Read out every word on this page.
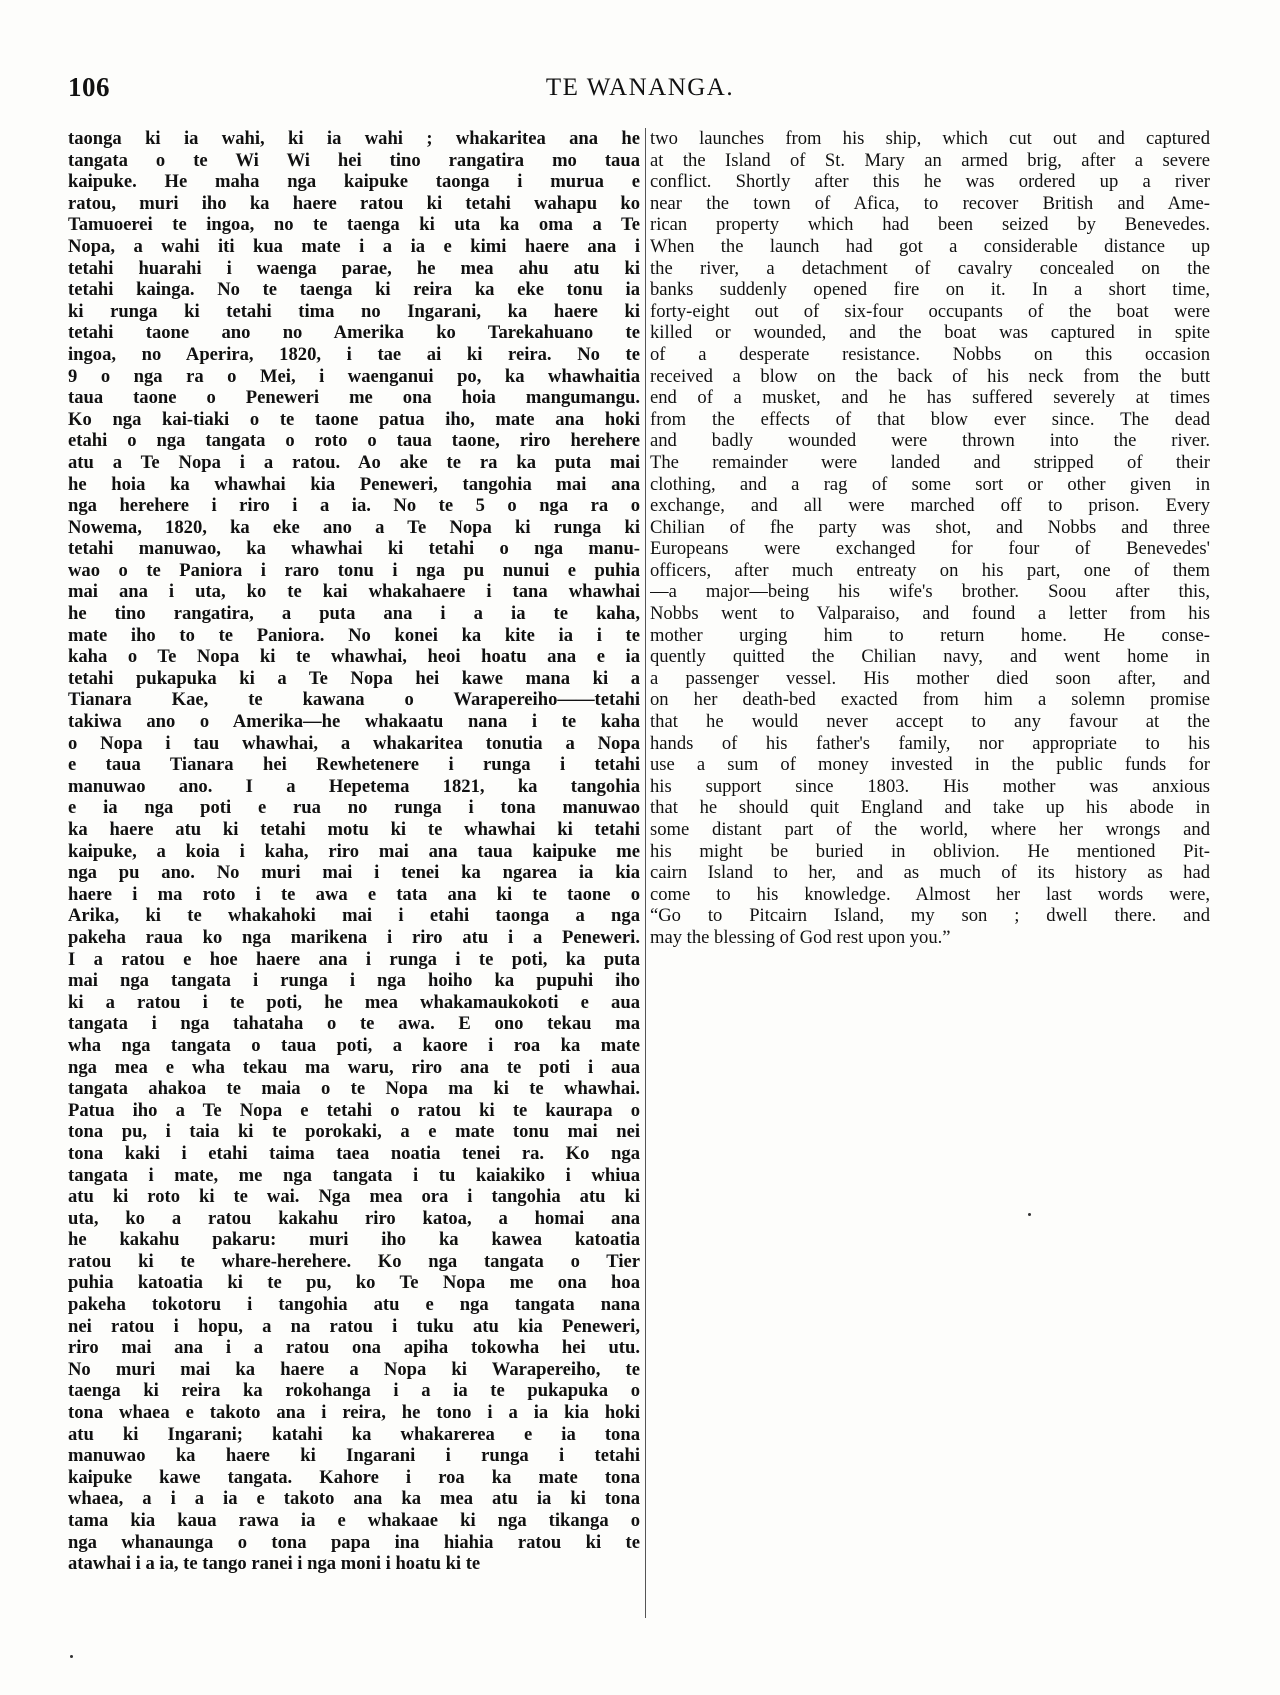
106	TE WANANGA.
taonga ki ia wahi, ki ia wahi ; whakaritea ana he
tangata o te Wi Wi hei tino rangatira mo taua
kaipuke. He maha nga kaipuke taonga i murua e
ratou, muri iho ka haere ratou ki tetahi wahapu ko
Tamuoerei te ingoa, no te taenga ki uta ka oma a Te
Nopa, a wahi iti kua mate i a ia e kimi haere ana i
tetahi huarahi i waenga parae, he mea ahu atu ki
tetahi kainga. No te taenga ki reira ka eke tonu ia
ki runga ki tetahi tima no Ingarani, ka haere ki
tetahi taone ano no Amerika ko Tarekahuano te
ingoa, no Aperira, 1820, i tae ai ki reira. No te
9 o nga ra o Mei, i waenganui po, ka whawhaitia
taua taone o Peneweri me ona hoia mangumangu.
Ko nga kai-tiaki o te taone patua iho, mate ana hoki
etahi o nga tangata o roto o taua taone, riro herehere
atu a Te Nopa i a ratou. Ao ake te ra ka puta mai
he hoia ka whawhai kia Peneweri, tangohia mai ana
nga herehere i riro i a ia. No te 5 o nga ra o
Nowema, 1820, ka eke ano a Te Nopa ki runga ki
tetahi manuwao, ka whawhai ki tetahi o nga manu-
wao o te Paniora i raro tonu i nga pu nunui e puhia
mai ana i uta, ko te kai whakahaere i tana whawhai
he tino rangatira, a puta ana i a ia te kaha,
mate iho to te Paniora. No konei ka kite ia i te
kaha o Te Nopa ki te whawhai, heoi hoatu ana e ia
tetahi pukapuka ki a Te Nopa hei kawe mana ki a
Tianara Kae, te kawana o Warapereiho——tetahi
takiwa ano o Amerika—he whakaatu nana i te kaha
o Nopa i tau whawhai, a whakaritea tonutia a Nopa
e taua Tianara hei Rewhetenere i runga i tetahi
manuwao ano. I a Hepetema 1821, ka tangohia
e ia nga poti e rua no runga i tona manuwao
ka haere atu ki tetahi motu ki te whawhai ki tetahi
kaipuke, a koia i kaha, riro mai ana taua kaipuke me
nga pu ano. No muri mai i tenei ka ngarea ia kia
haere i ma roto i te awa e tata ana ki te taone o
Arika, ki te whakahoki mai i etahi taonga a nga
pakeha raua ko nga marikena i riro atu i a Peneweri.
I a ratou e hoe haere ana i runga i te poti, ka puta
mai nga tangata i runga i nga hoiho ka pupuhi iho
ki a ratou i te poti, he mea whakamaukokoti e aua
tangata i nga tahataha o te awa. E ono tekau ma
wha nga tangata o taua poti, a kaore i roa ka mate
nga mea e wha tekau ma waru, riro ana te poti i aua
tangata ahakoa te maia o te Nopa ma ki te whawhai.
Patua iho a Te Nopa e tetahi o ratou ki te kaurapa o
tona pu, i taia ki te porokaki, a e mate tonu mai nei
tona kaki i etahi taima taea noatia tenei ra. Ko nga
tangata i mate, me nga tangata i tu kaiakiko i whiua
atu ki roto ki te wai. Nga mea ora i tangohia atu ki
uta, ko a ratou kakahu riro katoa, a homai ana
he kakahu pakaru: muri iho ka kawea katoatia
ratou ki te whare-herehere. Ko nga tangata o Tier
puhia katoatia ki te pu, ko Te Nopa me ona hoa
pakeha tokotoru i tangohia atu e nga tangata nana
nei ratou i hopu, a na ratou i tuku atu kia Peneweri,
riro mai ana i a ratou ona apiha tokowha hei utu.
No muri mai ka haere a Nopa ki Warapereiho, te
taenga ki reira ka rokohanga i a ia te pukapuka o
tona whaea e takoto ana i reira, he tono i a ia kia hoki
atu ki Ingarani; katahi ka whakarerea e ia tona
manuwao ka haere ki Ingarani i runga i tetahi
kaipuke kawe tangata. Kahore i roa ka mate tona
whaea, a i a ia e takoto ana ka mea atu ia ki tona
tama kia kaua rawa ia e whakaae ki nga tikanga o
nga whanaunga o tona papa ina hiahia ratou ki te
atawhai i a ia, te tango ranei i nga moni i hoatu ki te
two launches from his ship, which cut out and captured
at the Island of St. Mary an armed brig, after a severe
conflict. Shortly after this he was ordered up a river
near the town of Afica, to recover British and Ame-
rican property which had been seized by Benevedes.
When the launch had got a considerable distance up
the river, a detachment of cavalry concealed on the
banks suddenly opened fire on it. In a short time,
forty-eight out of six-four occupants of the boat were
killed or wounded, and the boat was captured in spite
of a desperate resistance. Nobbs on this occasion
received a blow on the back of his neck from the butt
end of a musket, and he has suffered severely at times
from the effects of that blow ever since. The dead
and badly wounded were thrown into the river.
The remainder were landed and stripped of their
clothing, and a rag of some sort or other given in
exchange, and all were marched off to prison. Every
Chilian of fhe party was shot, and Nobbs and three
Europeans were exchanged for four of Benevedes'
officers, after much entreaty on his part, one of them
—a major—being his wife's brother. Soou after this,
Nobbs went to Valparaiso, and found a letter from his
mother urging him to return home. He conse-
quently quitted the Chilian navy, and went home in
a passenger vessel. His mother died soon after, and
on her death-bed exacted from him a solemn promise
that he would never accept to any favour at the
hands of his father's family, nor appropriate to his
use a sum of money invested in the public funds for
his support since 1803. His mother was anxious
that he should quit England and take up his abode in
some distant part of the world, where her wrongs and
his might be buried in oblivion. He mentioned Pit-
cairn Island to her, and as much of its history as had
come to his knowledge. Almost her last words were,
“Go to Pitcairn Island, my son ; dwell there. and
may the blessing of God rest upon you.”
